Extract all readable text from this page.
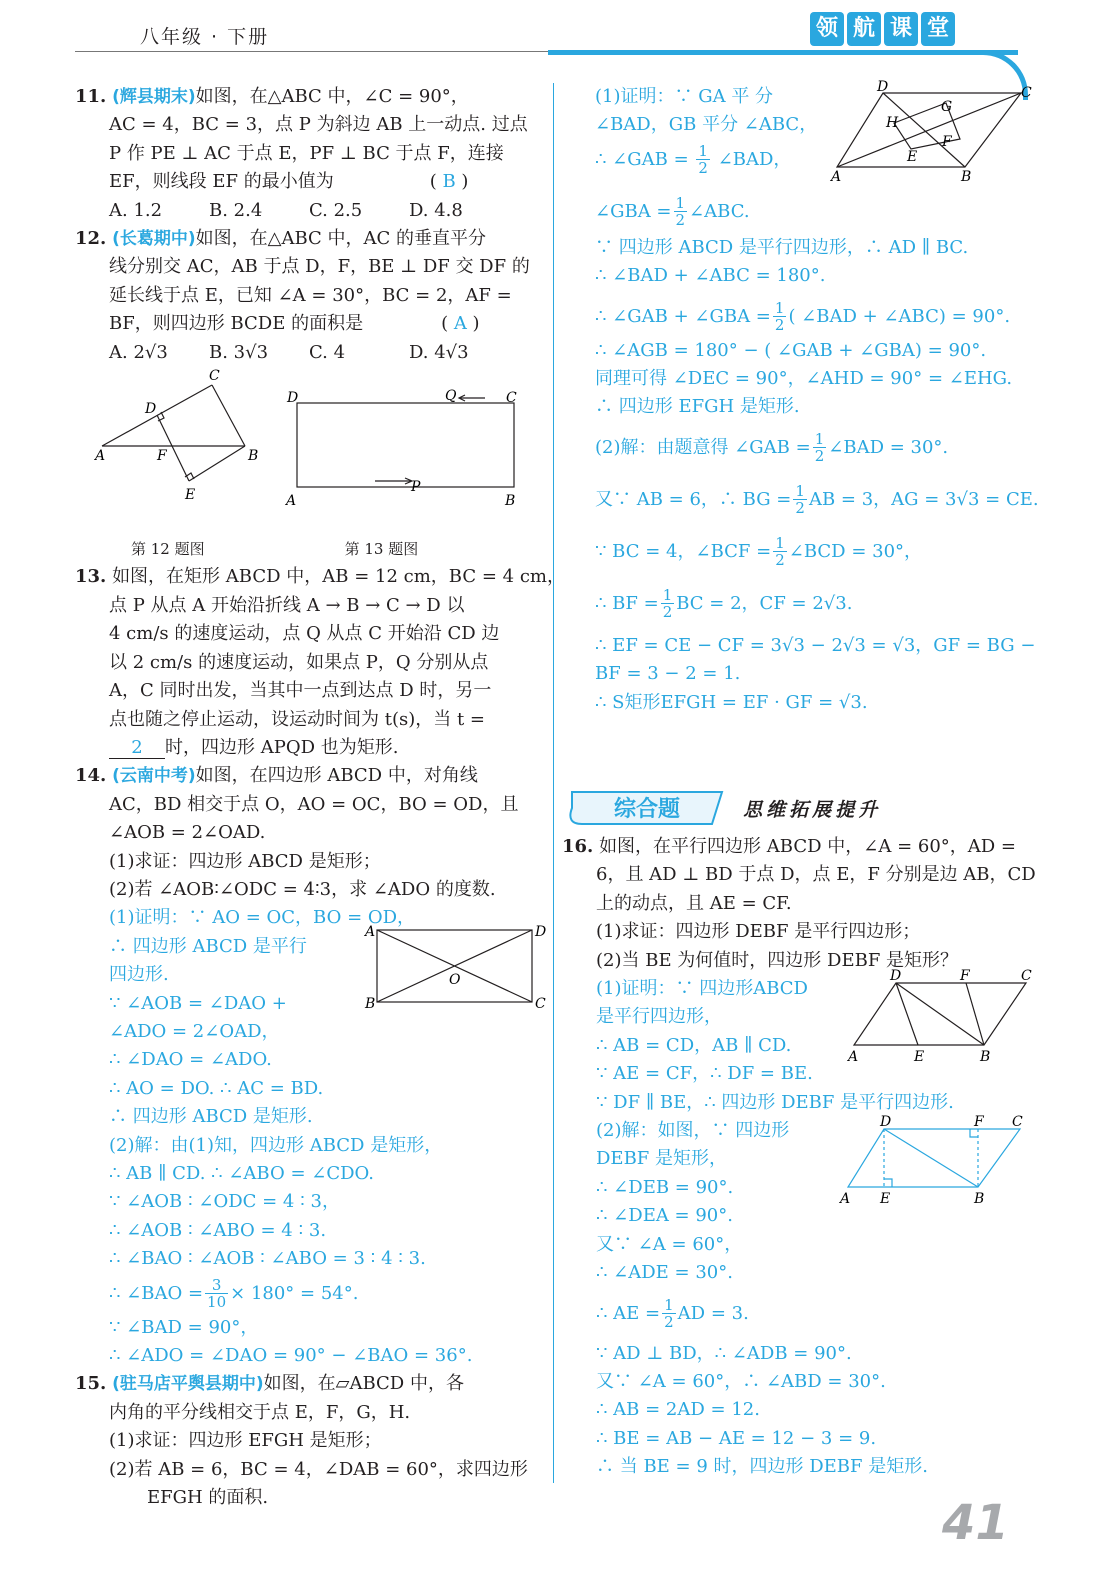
八年级 · 下册	领 航 课 堂

11. (辉县期末)如图，在△ABC 中，∠C = 90°，

AC = 4，BC = 3，点 P 为斜边 AB 上一动点. 过点

P 作 PE ⊥ AC 于点 E，PF ⊥ BC 于点 F，连接

EF，则线段 EF 的最小值为	( B )

A. 1.2	B. 2.4	C. 2.5	D. 4.8

12. (长葛期中)如图，在△ABC 中，AC 的垂直平分

线分别交 AC，AB 于点 D，F，BE ⊥ DF 交 DF 的

延长线于点 E，已知 ∠A = 30°，BC = 2，AF =

BF，则四边形 BCDE 的面积是	( A )

A. 2√3 B. 3√3 C. 4	D. 4√3

A
C
D
F	B
E
D	Q	C
A
P
B

第 12 题图	第 13 题图

13. 如图，在矩形 ABCD 中，AB = 12 cm，BC = 4 cm，

点 P 从点 A 开始沿折线 A → B → C → D 以

4 cm/s 的速度运动，点 Q 从点 C 开始沿 CD 边

以 2 cm/s 的速度运动，如果点 P，Q 分别从点

A，C 同时出发，当其中一点到达点 D 时，另一

点也随之停止运动，设运动时间为 t(s)，当 t =

2 时，四边形 APQD 也为矩形.

14. (云南中考)如图，在四边形 ABCD 中，对角线

AC，BD 相交于点 O，AO = OC，BO = OD，且

∠AOB = 2∠OAD.

(1)求证：四边形 ABCD 是矩形；

(2)若 ∠AOB∶∠ODC = 4∶3，求 ∠ADO 的度数.

(1)证明：∵ AO = OC，BO = OD，

∴ 四边形 ABCD 是平行

四边形.

∵ ∠AOB = ∠DAO +

∠ADO = 2∠OAD，

∴ ∠DAO = ∠ADO.

∴ AO = DO. ∴ AC = BD.

∴ 四边形 ABCD 是矩形.

(2)解：由(1)知，四边形 ABCD 是矩形，

∴ AB ∥ CD. ∴ ∠ABO = ∠CDO.

∵ ∠AOB ∶ ∠ODC = 4 ∶ 3，

∴ ∠AOB ∶ ∠ABO = 4 ∶ 3.

∴ ∠BAO ∶ ∠AOB ∶ ∠ABO = 3 ∶ 4 ∶ 3.

∴ ∠BAO = $\frac{3}{10} \times 180^\circ = 54^\circ$.

∵ ∠BAD = 90°，

∴ ∠ADO = ∠DAO = 90° − ∠BAO = 36°.

A	D
B	C
O

15. (驻马店平舆县期中)如图，在▱ABCD 中，各

内角的平分线相交于点 E，F，G，H.

(1)求证：四边形 EFGH 是矩形；

(2)若 AB = 6，BC = 4，∠DAB = 60°，求四边形

EFGH 的面积.

(1)证明：∵ GA 平 分

∠BAD，GB 平分 ∠ABC，

∴ ∠GAB = $\frac{1}{2}$ ∠BAD，

∠GBA = $\frac{1}{2}$ ∠ABC.

D	C
A	B
G
H
E
F

∵ 四边形 ABCD 是平行四边形，∴ AD ∥ BC.

∴ ∠BAD + ∠ABC = 180°.

∴ ∠GAB + ∠GBA = $\frac{1}{2}$ ( ∠BAD + ∠ABC) = 90°.

∴ ∠AGB = 180° − ( ∠GAB + ∠GBA) = 90°.

同理可得 ∠DEC = 90°，∠AHD = 90° = ∠EHG.

∴ 四边形 EFGH 是矩形.

(2)解：由题意得 ∠GAB = $\frac{1}{2}$ ∠BAD = 30°.

又∵ AB = 6，∴ BG = $\frac{1}{2}$ AB = 3，AG = 3√3 = CE.

∵ BC = 4，∠BCF = $\frac{1}{2}$ ∠BCD = 30°，

∴ BF = $\frac{1}{2}$ BC = 2，CF = 2√3.

∴ EF = CE − CF = 3√3 − 2√3 = √3，GF = BG −

BF = 3 − 2 = 1.

∴ S矩形EFGH = EF · GF = √3.

综合题	思维拓展提升

16. 如图，在平行四边形 ABCD 中，∠A = 60°，AD =

6，且 AD ⊥ BD 于点 D，点 E，F 分别是边 AB，CD

上的动点，且 AE = CF.

(1)求证：四边形 DEBF 是平行四边形；

(2)当 BE 为何值时，四边形 DEBF 是矩形？

(1)证明：∵ 四边形ABCD

是平行四边形，

∴ AB = CD，AB ∥ CD.

∵ AE = CF，∴ DF = BE.

∵ DF ∥ BE，∴ 四边形 DEBF 是平行四边形.

(2)解：如图，∵ 四边形

DEBF 是矩形，

∴ ∠DEB = 90°.

∴ ∠DEA = 90°.

又∵ ∠A = 60°，

∴ ∠ADE = 30°.

∴ AE = $\frac{1}{2}$ AD = 3.

∵ AD ⊥ BD，∴ ∠ADB = 90°.

又∵ ∠A = 60°，∴ ∠ABD = 30°.

∴ AB = 2AD = 12.

∴ BE = AB − AE = 12 − 3 = 9.

∴ 当 BE = 9 时，四边形 DEBF 是矩形.

D	F	C
A	E	B
D	F C
A E	B
41
